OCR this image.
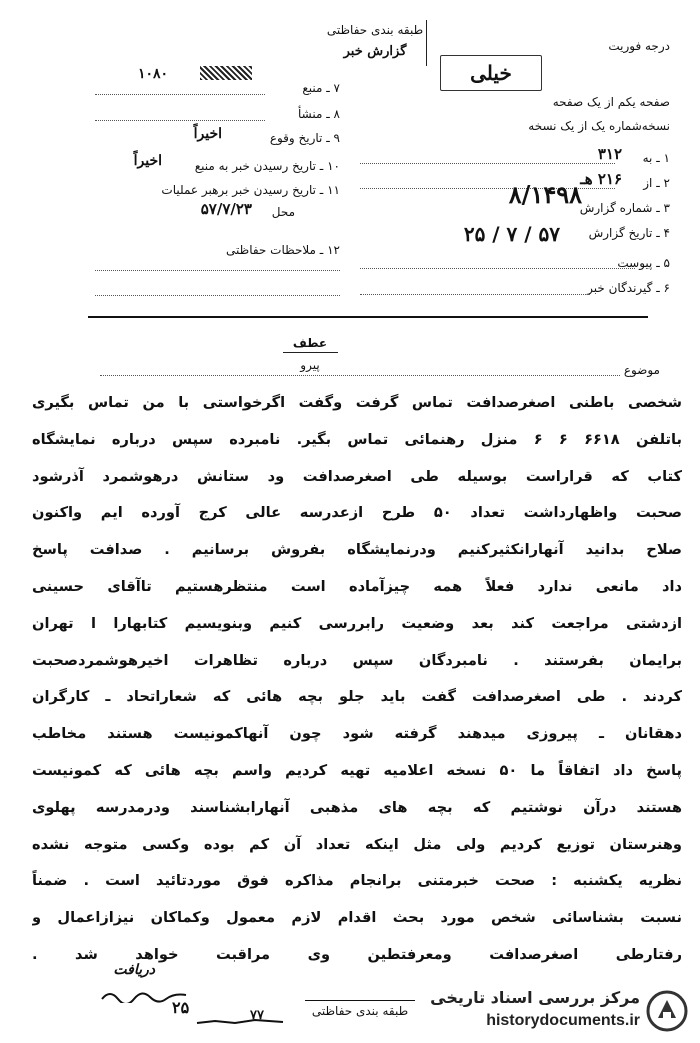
درجه فوریت
طبقه بندی حفاظتی
گزارش خبر
خیلی
۱۰۸۰
صفحه یکم از یک صفحه
نسخه‌شماره یک از یک نسخه
۱ ـ به
۳۱۲
۲ ـ از
۲۱۶ هـ
۳ ـ شماره گزارش
۸/۱۴۹۸
۴ ـ تاریخ گزارش
۲۵ / ۷ / ۵۷
۵ ـ پیوست
۶ ـ گیرندگان خبر
۷ ـ منبع
۸ ـ منشأ
۹ ـ تاریخ وقوع
اخیراً
۱۰ ـ تاریخ رسیدن خبر به منبع
اخیراً
۱۱ ـ تاریخ رسیدن خبر برهبر عملیات
محل
۵۷/۷/۲۳
۱۲ ـ ملاحظات حفاظتی
عطف
پیرو	موضوع
شخصی باطنی اصغرصدافت تماس گرفت وگفت اگرخواستی با من تماس بگیری
باتلفن ۶۶۱۸ ۶ ۶ منزل رهنمائی تماس بگیر. نامبرده سپس درباره نمایشگاه
کتاب که قراراست بوسیله طی اصغرصدافت ود ستانش درهوشمرد آذرشود
صحبت واظهارداشت تعداد ۵۰ طرح ازعدرسه عالی کرج آورده ایم واکنون
صلاح بدانید آنهارانکثیرکنیم ودرنمایشگاه بفروش برسانیم . صدافت پاسخ
داد مانعی ندارد فعلاً همه چیزآماده است منتظرهستیم تاآقای حسینی
ازدشتی مراجعت کند بعد وضعیت رابررسی کنیم وبنویسیم کتابهارا ا تهران
برایمان بفرستند . نامبردگان سپس درباره تظاهرات اخیرهوشمردصحبت
کردند . طی اصغرصدافت گفت باید جلو بچه هائی که شعاراتحاد ـ کارگران
دهقانان ـ پیروزی میدهند گرفته شود چون آنهاکمونیست هستند مخاطب
پاسخ داد اتفاقاً ما ۵۰ نسخه اعلامیه تهیه کردیم واسم بچه هائی که کمونیست
هستند درآن نوشتیم که بچه های مذهبی آنهارابشناسند ودرمدرسه پهلوی
وهنرستان توزیع کردیم ولی مثل اینکه تعداد آن کم بوده وکسی متوجه نشده
نظریه یکشنبه : صحت خبرمتنی برانجام مذاکره فوق موردتائید است . ضمناً
نسبت بشناسائی شخص مورد بحث اقدام لازم معمول وکماکان نیزازاعمال و
رفتارطی اصغرصدافت ومعرفتطین وی مراقبت خواهد شد .
دریافت
۲۵	طبقه بندی حفاظتی
۷۷
مرکز بررسی اسناد تاریخی
historydocuments.ir
